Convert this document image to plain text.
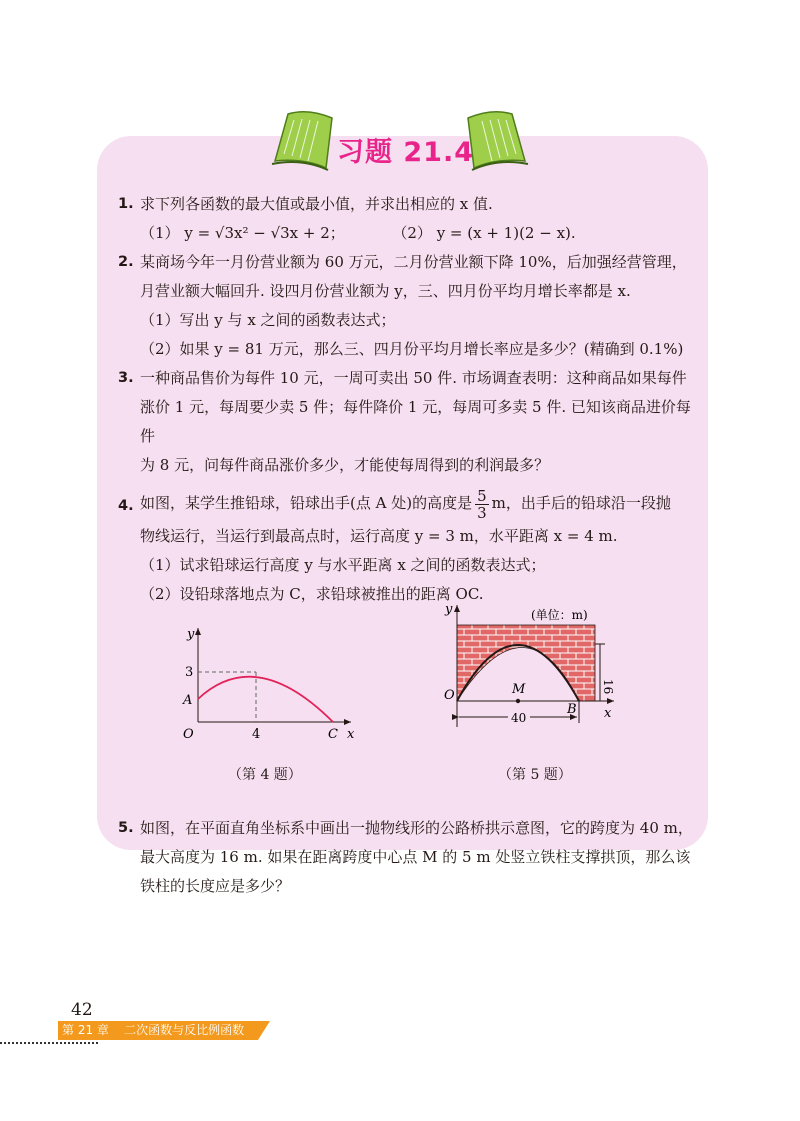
习题 21.4
1. 求下列各函数的最大值或最小值，并求出相应的 x 值.
（1） y = √3x² − √3x + 2；	（2） y = (x + 1)(2 − x).
2. 某商场今年一月份营业额为 60 万元，二月份营业额下降 10%，后加强经营管理，
月营业额大幅回升. 设四月份营业额为 y，三、四月份平均月增长率都是 x.
（1）写出 y 与 x 之间的函数表达式；
（2）如果 y = 81 万元，那么三、四月份平均月增长率应是多少？(精确到 0.1%)
3. 一种商品售价为每件 10 元，一周可卖出 50 件. 市场调查表明：这种商品如果每件
涨价 1 元，每周要少卖 5 件；每件降价 1 元，每周可多卖 5 件. 已知该商品进价每件
为 8 元，问每件商品涨价多少，才能使每周得到的利润最多？
4. 如图，某学生推铅球，铅球出手(点 A 处)的高度是 $\frac{5}{3}$ m，出手后的铅球沿一段抛
物线运行，当运行到最高点时，运行高度 y = 3 m，水平距离 x = 4 m.
（1）试求铅球运行高度 y 与水平距离 x 之间的函数表达式；
（2）设铅球落地点为 C，求铅球被推出的距离 OC.
y
x
O
3
A
4	C
（第 4 题）
(单位：m)
y
x
O	M
B
40
16
（第 5 题）
5. 如图，在平面直角坐标系中画出一抛物线形的公路桥拱示意图，它的跨度为 40 m，
最大高度为 16 m. 如果在距离跨度中心点 M 的 5 m 处竖立铁柱支撑拱顶，那么该
铁柱的长度应是多少？
42
第 21 章    二次函数与反比例函数
